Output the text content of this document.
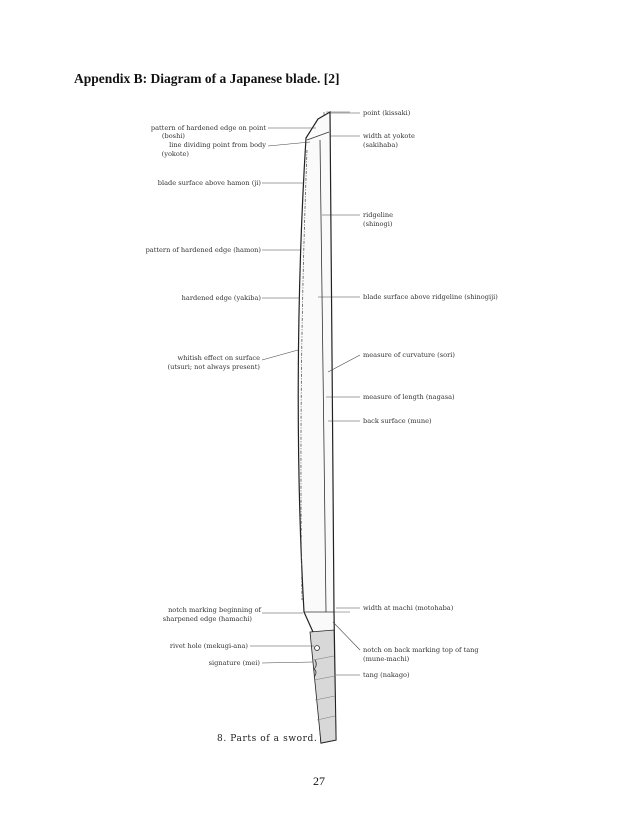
Appendix B: Diagram of a Japanese blade. [2]
pattern of hardened edge on point (boshi)
line dividing point from body (yokote)
blade surface above hamon (ji)
pattern of hardened edge (hamon)
hardened edge (yakiba)
whitish effect on surface (utsuri; not always present)
notch marking beginning of sharpened edge (hamachi)
rivet hole (mekugi-ana)
signature (mei)
point (kissaki)
width at yokote (sakihaba)
ridgeline (shinogi)
blade surface above ridgeline (shinogiji)
measure of curvature (sori)
measure of length (nagasa)
back surface (mune)
width at machi (motohaba)
notch on back marking top of tang (mune-machi)
tang (nakago)
8. Parts of a sword.
27
